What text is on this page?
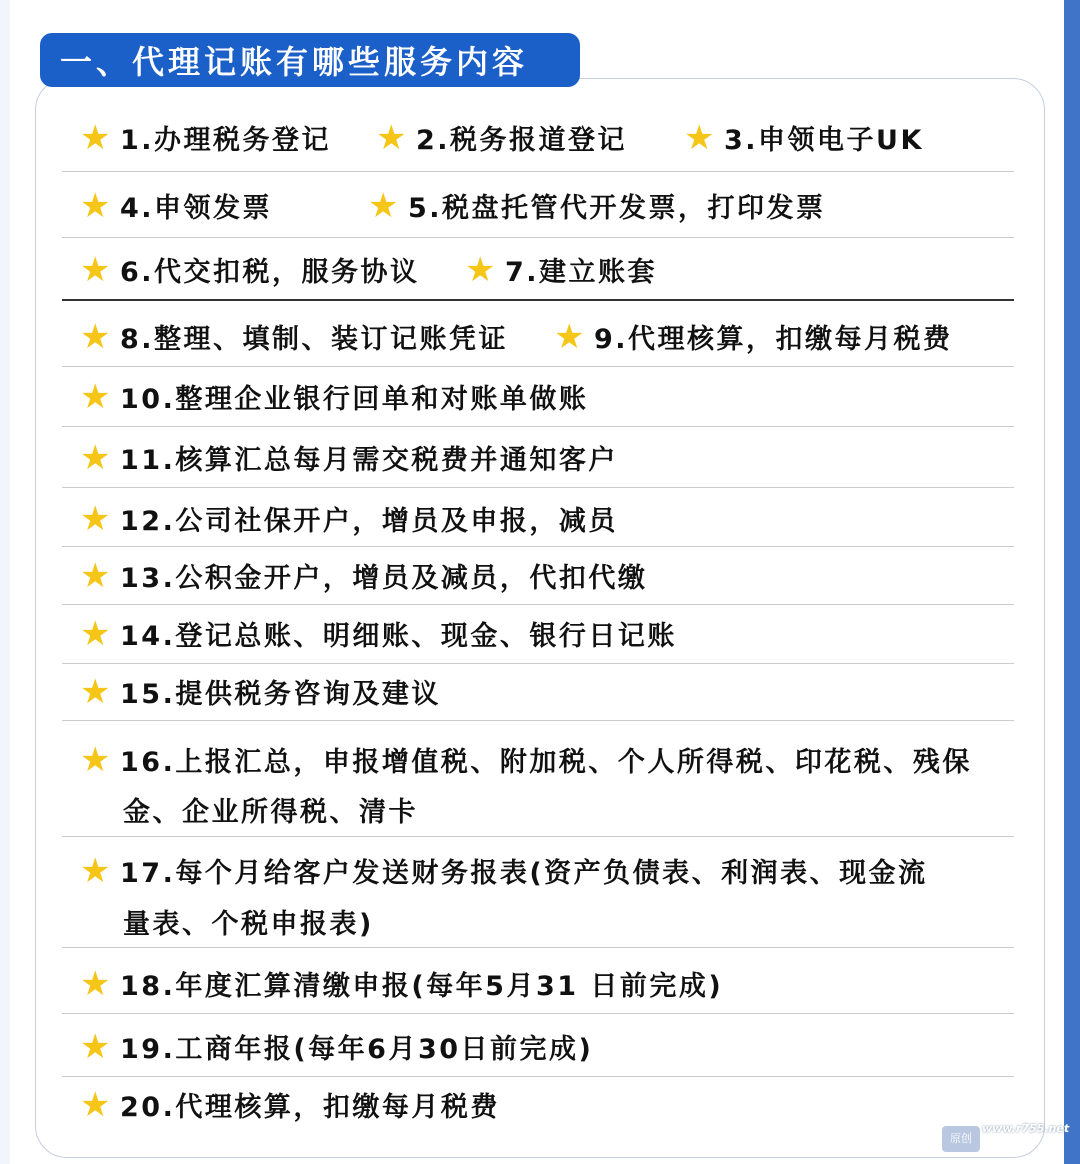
一、代理记账有哪些服务内容
★ 1.办理税务登记 ★ 2.税务报道登记 ★ 3.申领电子UK
★ 4.申领发票	★ 5.税盘托管代开发票，打印发票
★ 6.代交扣税，服务协议 ★ 7.建立账套
★ 8.整理、填制、装订记账凭证 ★ 9.代理核算，扣缴每月税费
★ 10.整理企业银行回单和对账单做账
★ 11.核算汇总每月需交税费并通知客户
★ 12.公司社保开户，增员及申报，减员
★ 13.公积金开户，增员及减员，代扣代缴
★ 14.登记总账、明细账、现金、银行日记账
★ 15.提供税务咨询及建议
★ 16.上报汇总，申报增值税、附加税、个人所得税、印花税、残保
金、企业所得税、清卡
★ 17.每个月给客户发送财务报表(资产负债表、利润表、现金流
量表、个税申报表)
★ 18.年度汇算清缴申报(每年5月31 日前完成)
★ 19.工商年报(每年6月30日前完成)
★ 20.代理核算，扣缴每月税费
原创
www.r755.net
